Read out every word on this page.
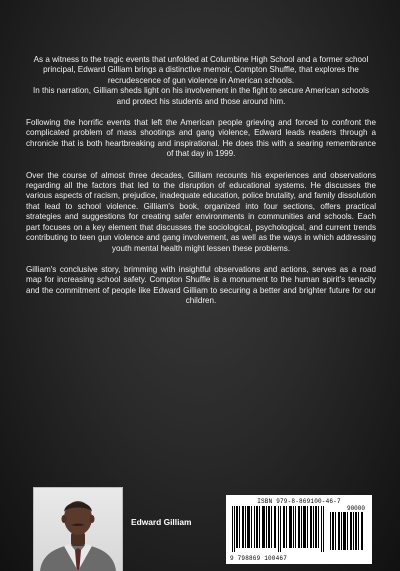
As a witness to the tragic events that unfolded at Columbine High School and a former school principal, Edward Gilliam brings a distinctive memoir, Compton Shuffle, that explores the recrudescence of gun violence in American schools.
In this narration, Gilliam sheds light on his involvement in the fight to secure American schools and protect his students and those around him.

Following the horrific events that left the American people grieving and forced to confront the complicated problem of mass shootings and gang violence, Edward leads readers through a chronicle that is both heartbreaking and inspirational. He does this with a searing remembrance of that day in 1999.

Over the course of almost three decades, Gilliam recounts his experiences and observations regarding all the factors that led to the disruption of educational systems. He discusses the various aspects of racism, prejudice, inadequate education, police brutality, and family dissolution that lead to school violence. Gilliam's book, organized into four sections, offers practical strategies and suggestions for creating safer environments in communities and schools. Each part focuses on a key element that discusses the sociological, psychological, and current trends contributing to teen gun violence and gang involvement, as well as the ways in which addressing youth mental health might lessen these problems.

Gilliam's conclusive story, brimming with insightful observations and actions, serves as a road map for increasing school safety. Compton Shuffle is a monument to the human spirit's tenacity and the commitment of people like Edward Gilliam to securing a better and brighter future for our children.

Edward Gilliam
ISBN 979-8-869100-46-7
90000
9 798869 100467
